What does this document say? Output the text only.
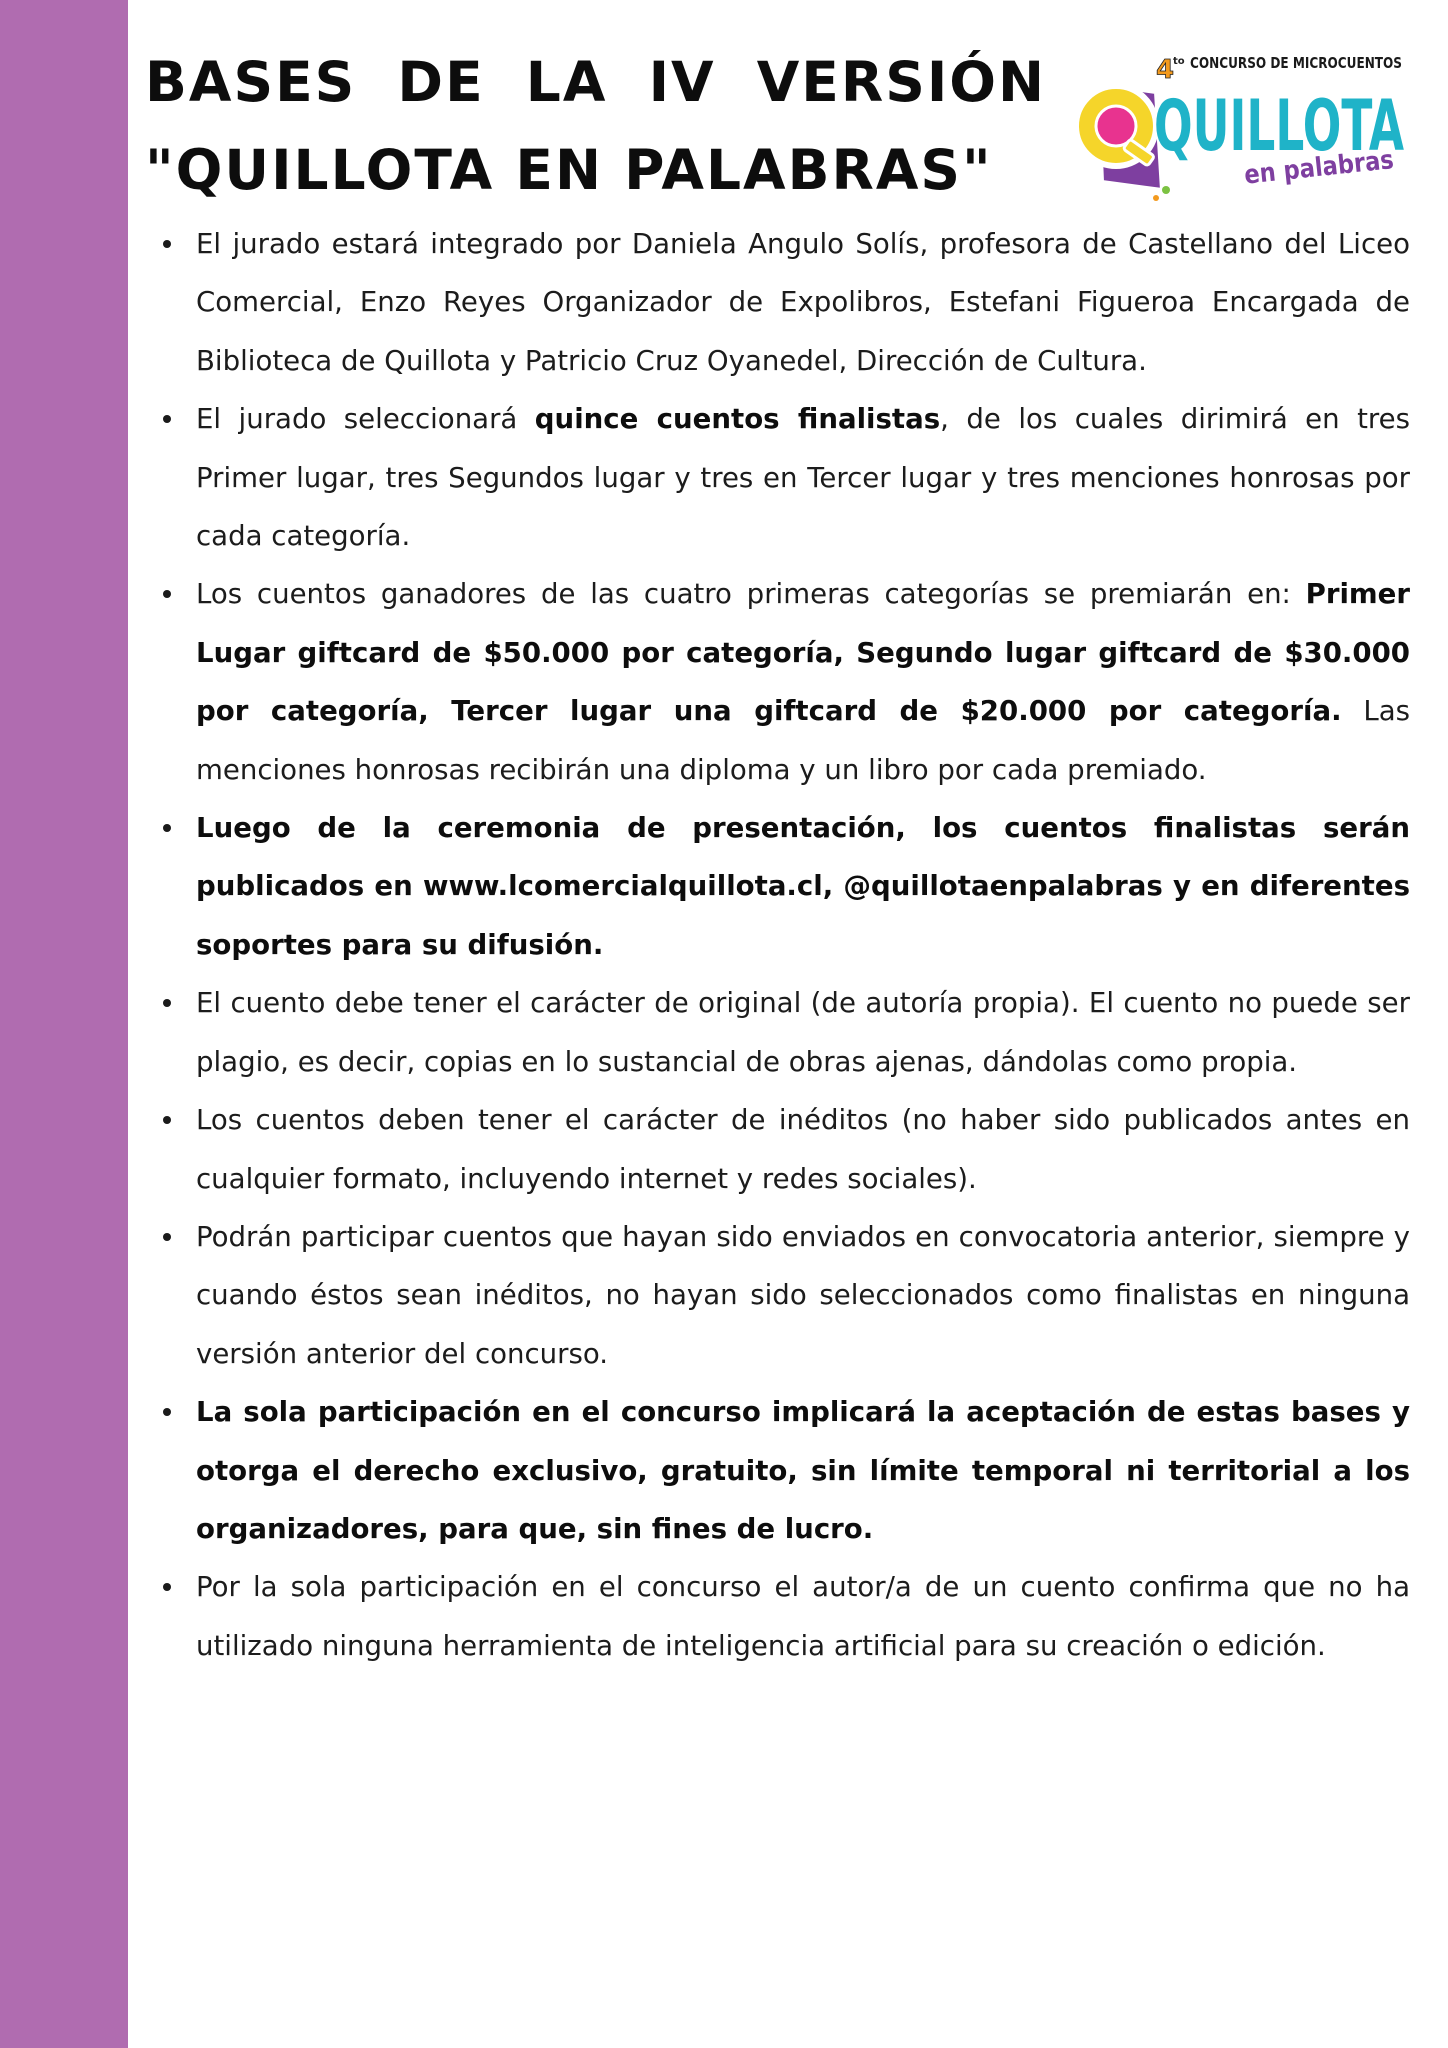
BASES DE LA IV VERSIÓN
"QUILLOTA EN PALABRAS"
4
to CONCURSO DE MICROCUENTOS
QUILLOTA
en palabras
El jurado estará integrado por Daniela Angulo Solís, profesora de Castellano del Liceo Comercial, Enzo Reyes Organizador de Expolibros, Estefani Figueroa Encargada de Biblioteca de Quillota y Patricio Cruz Oyanedel, Dirección de Cultura.
El jurado seleccionará quince cuentos finalistas, de los cuales dirimirá en tres Primer lugar, tres Segundos lugar y tres en Tercer lugar y tres menciones honrosas por cada categoría.
Los cuentos ganadores de las cuatro primeras categorías se premiarán en: Primer Lugar giftcard de $50.000 por categoría, Segundo lugar giftcard de $30.000 por categoría, Tercer lugar una giftcard de $20.000 por categoría. Las menciones honrosas recibirán una diploma y un libro por cada premiado.
Luego de la ceremonia de presentación, los cuentos finalistas serán publicados en www.lcomercialquillota.cl, @quillotaenpalabras y en diferentes soportes para su difusión.
El cuento debe tener el carácter de original (de autoría propia). El cuento no puede ser plagio, es decir, copias en lo sustancial de obras ajenas, dándolas como propia.
Los cuentos deben tener el carácter de inéditos (no haber sido publicados antes en cualquier formato, incluyendo internet y redes sociales).
Podrán participar cuentos que hayan sido enviados en convocatoria anterior, siempre y cuando éstos sean inéditos, no hayan sido seleccionados como finalistas en ninguna versión anterior del concurso.
La sola participación en el concurso implicará la aceptación de estas bases y otorga el derecho exclusivo, gratuito, sin límite temporal ni territorial a los organizadores, para que, sin fines de lucro.
Por la sola participación en el concurso el autor/a de un cuento confirma que no ha utilizado ninguna herramienta de inteligencia artificial para su creación o edición.
